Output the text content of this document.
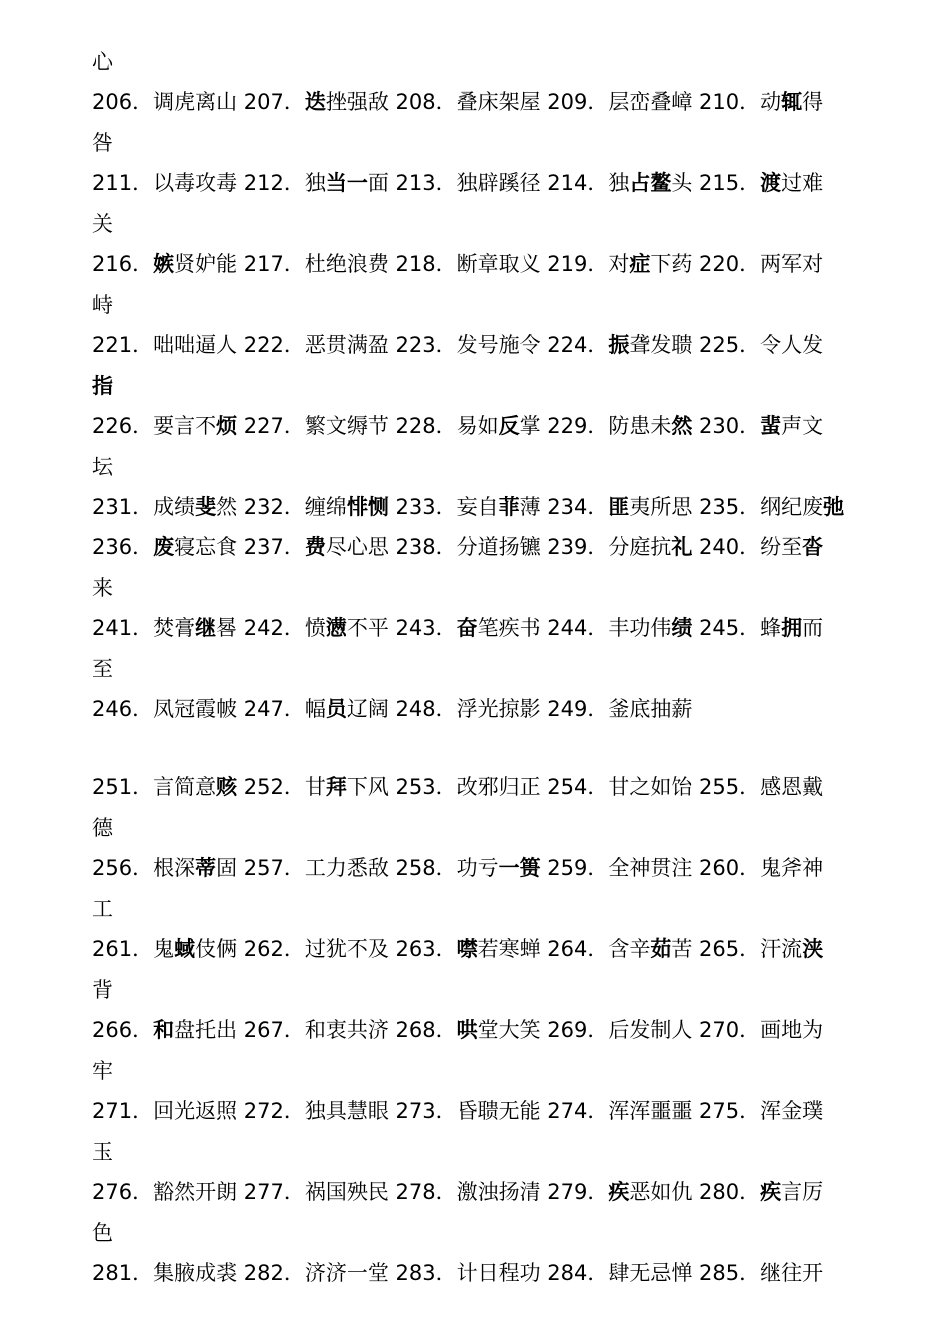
心
206．调虎离山 207．迭挫强敌 208．叠床架屋 209．层峦叠嶂 210．动辄得
咎
211．以毒攻毒 212．独当一面 213．独辟蹊径 214．独占鳌头 215．渡过难
关
216．嫉贤妒能 217．杜绝浪费 218．断章取义 219．对症下药 220．两军对
峙
221．咄咄逼人 222．恶贯满盈 223．发号施令 224．振聋发聩 225．令人发
指
226．要言不烦 227．繁文缛节 228．易如反掌 229．防患未然 230．蜚声文
坛
231．成绩斐然 232．缠绵悱恻 233．妄自菲薄 234．匪夷所思 235．纲纪废弛
236．废寝忘食 237．费尽心思 238．分道扬镳 239．分庭抗礼 240．纷至沓
来
241．焚膏继晷 242．愤懑不平 243．奋笔疾书 244．丰功伟绩 245．蜂拥而
至
246．凤冠霞帔 247．幅员辽阔 248．浮光掠影 249．釜底抽薪
251．言简意赅 252．甘拜下风 253．改邪归正 254．甘之如饴 255．感恩戴
德
256．根深蒂固 257．工力悉敌 258．功亏一篑 259．全神贯注 260．鬼斧神
工
261．鬼蜮伎俩 262．过犹不及 263．噤若寒蝉 264．含辛茹苦 265．汗流浃
背
266．和盘托出 267．和衷共济 268．哄堂大笑 269．后发制人 270．画地为
牢
271．回光返照 272．独具慧眼 273．昏聩无能 274．浑浑噩噩 275．浑金璞
玉
276．豁然开朗 277．祸国殃民 278．激浊扬清 279．疾恶如仇 280．疾言厉
色
281．集腋成裘 282．济济一堂 283．计日程功 284．肆无忌惮 285．继往开
